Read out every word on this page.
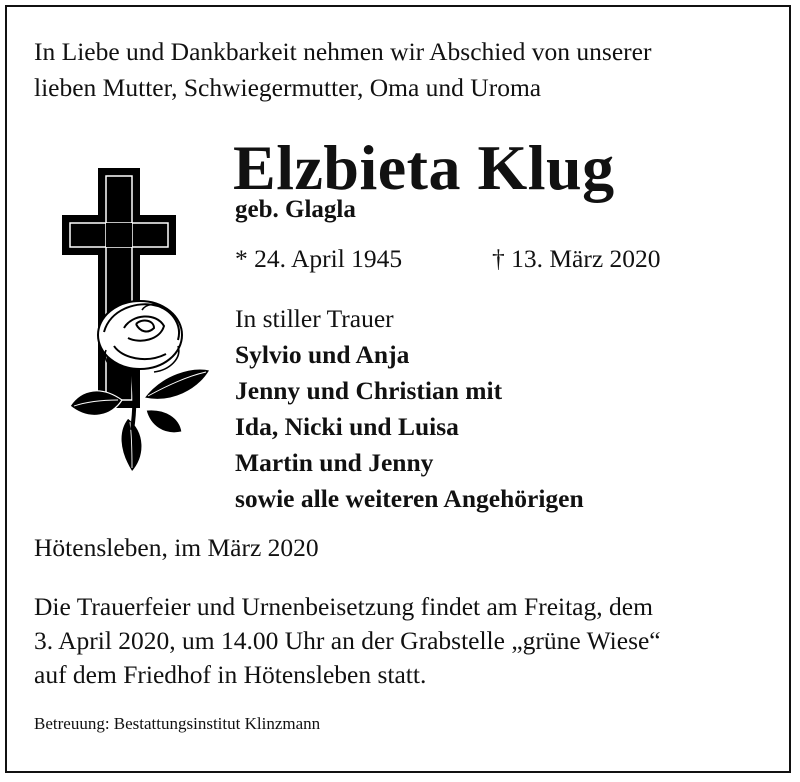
In Liebe und Dankbarkeit nehmen wir Abschied von unserer
lieben Mutter, Schwiegermutter, Oma und Uroma
Elzbieta Klug
geb. Glagla
* 24. April 1945	† 13. März 2020
In stiller Trauer
Sylvio und Anja
Jenny und Christian mit
Ida, Nicki und Luisa
Martin und Jenny
sowie alle weiteren Angehörigen
Hötensleben, im März 2020
Die Trauerfeier und Urnenbeisetzung findet am Freitag, dem
3. April 2020, um 14.00 Uhr an der Grabstelle „grüne Wiese“
auf dem Friedhof in Hötensleben statt.
Betreuung: Bestattungsinstitut Klinzmann
